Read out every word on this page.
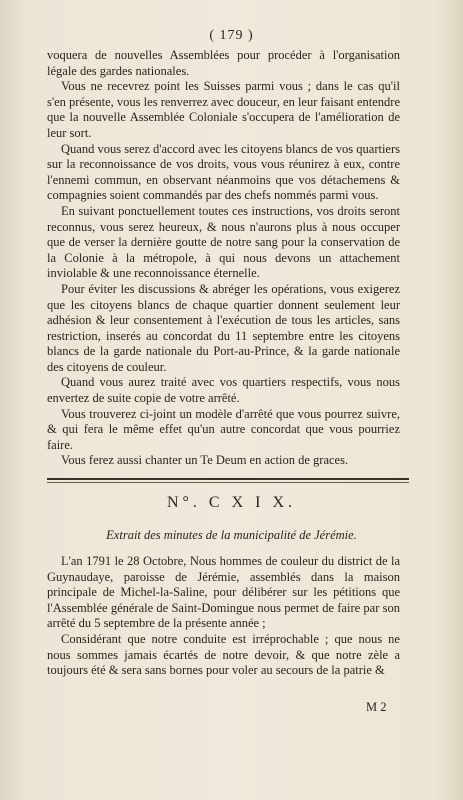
( 179 )

voquera de nouvelles Assemblées pour procéder à l'organisation légale des gardes nationales.

Vous ne recevrez point les Suisses parmi vous ; dans le cas qu'il s'en présente, vous les renverrez avec douceur, en leur faisant entendre que la nouvelle Assemblée Coloniale s'occupera de l'amélioration de leur sort.

Quand vous serez d'accord avec les citoyens blancs de vos quartiers sur la reconnoissance de vos droits, vous vous réunirez à eux, contre l'ennemi commun, en observant néanmoins que vos détachemens & compagnies soient commandés par des chefs nommés parmi vous.

En suivant ponctuellement toutes ces instructions, vos droits seront reconnus, vous serez heureux, & nous n'aurons plus à nous occuper que de verser la dernière goutte de notre sang pour la conservation de la Colonie à la métropole, à qui nous devons un attachement inviolable & une reconnoissance éternelle.

Pour éviter les discussions & abréger les opérations, vous exigerez que les citoyens blancs de chaque quartier donnent seulement leur adhésion & leur consentement à l'exécution de tous les articles, sans restriction, inserés au concordat du 11 septembre entre les citoyens blancs de la garde nationale du Port-au-Prince, & la garde nationale des citoyens de couleur.

Quand vous aurez traité avec vos quartiers respectifs, vous nous envertez de suite copie de votre arrêté.

Vous trouverez ci-joint un modèle d'arrêté que vous pourrez suivre, & qui fera le même effet qu'un autre concordat que vous pourriez faire.

Vous ferez aussi chanter un Te Deum en action de graces.

N°. C X I X.
Extrait des minutes de la municipalité de Jérémie.

L'an 1791 le 28 Octobre, Nous hommes de couleur du district de la Guynaudaye, paroisse de Jérémie, assemblés dans la maison principale de Michel-la-Saline, pour délibérer sur les pétitions que l'Assemblée générale de Saint-Domingue nous permet de faire par son arrêté du 5 septembre de la présente année ;

Considérant que notre conduite est irréprochable ; que nous ne nous sommes jamais écartés de notre devoir, & que notre zèle a toujours été & sera sans bornes pour voler au secours de la patrie &

M 2
